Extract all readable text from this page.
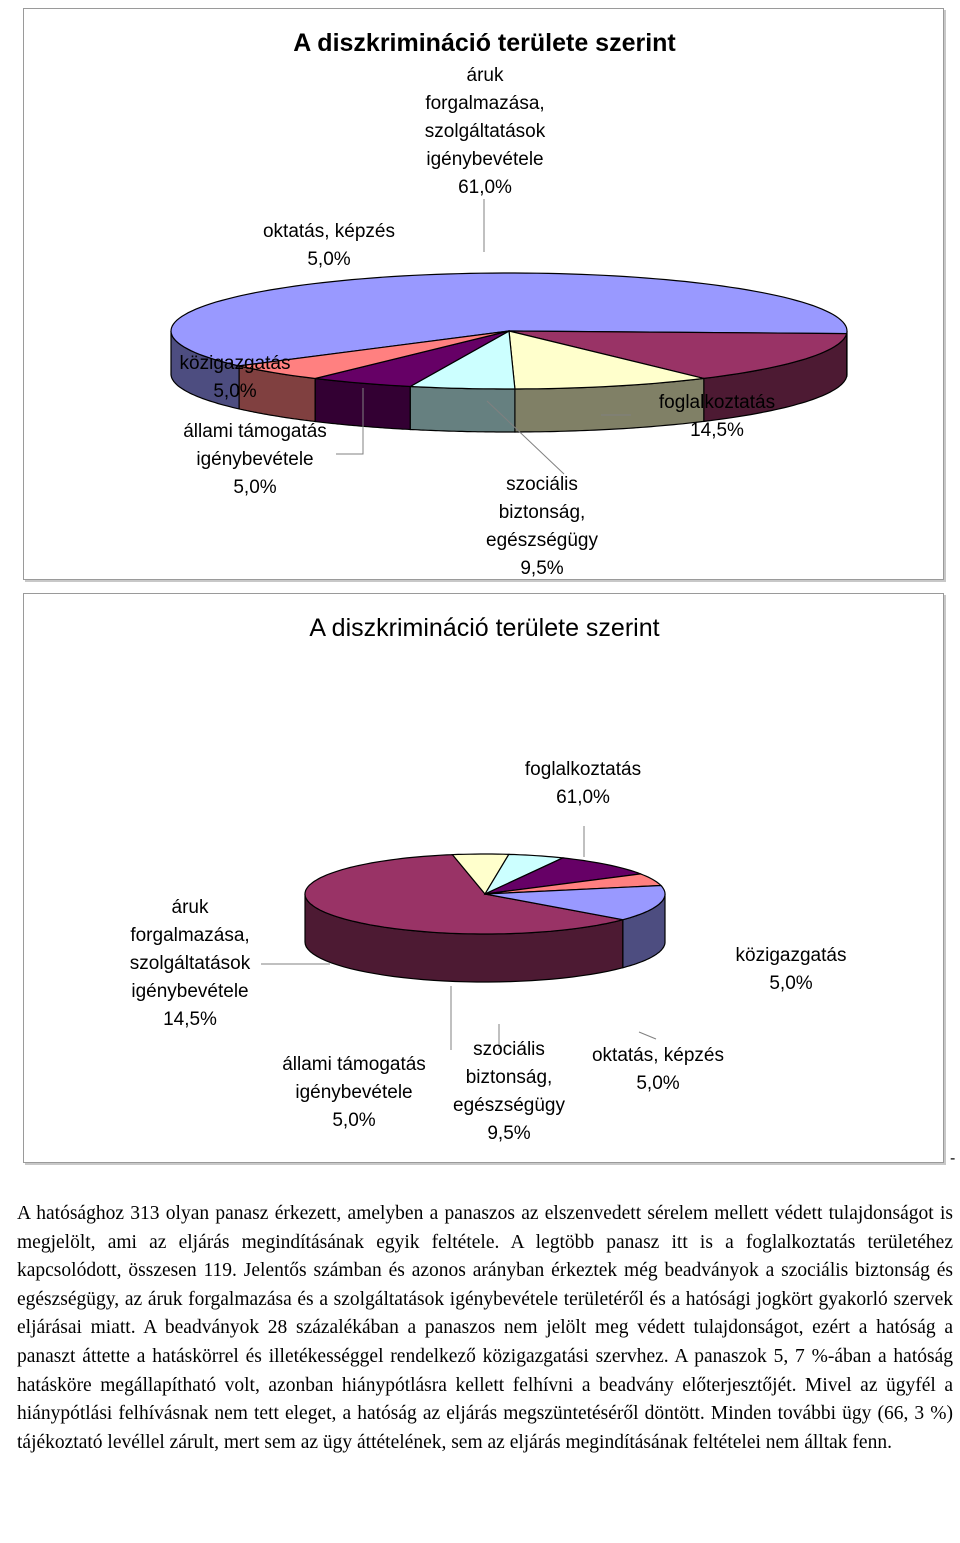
A diszkrimináció területe szerint
áruk
forgalmazása,
szolgáltatások
igénybevétele
61,0%
oktatás, képzés
5,0%
közigazgatás
5,0%
állami támogatás
igénybevétele
5,0%
foglalkoztatás
14,5%
szociális
biztonság,
egészségügy
9,5%
A diszkrimináció területe szerint
foglalkoztatás
61,0%
áruk
forgalmazása,
szolgáltatások
igénybevétele
14,5%
közigazgatás
5,0%
állami támogatás
igénybevétele
5,0%
szociális
biztonság,
egészségügy
9,5%
oktatás, képzés
5,0%
-

A hatósághoz 313 olyan panasz érkezett, amelyben a panaszos az elszenvedett sérelem mellett védett tulajdonságot is megjelölt, ami az eljárás megindításának egyik feltétele. A legtöbb panasz itt is a foglalkoztatás területéhez kapcsolódott, összesen 119. Jelentős számban és azonos arányban érkeztek még beadványok a szociális biztonság és egészségügy, az áruk forgalmazása és a szolgáltatások igénybevétele területéről és a hatósági jogkört gyakorló szervek eljárásai miatt. A beadványok 28 százalékában a panaszos nem jelölt meg védett tulajdonságot, ezért a hatóság a panaszt áttette a hatáskörrel és illetékességgel rendelkező közigazgatási szervhez. A panaszok 5, 7 %-ában a hatóság hatásköre megállapítható volt, azonban hiánypótlásra kellett felhívni a beadvány előterjesztőjét. Mivel az ügyfél a hiánypótlási felhívásnak nem tett eleget, a hatóság az eljárás megszüntetéséről döntött. Minden további ügy (66, 3 %) tájékoztató levéllel zárult, mert sem az ügy áttételének, sem az eljárás megindításának feltételei nem álltak fenn.
